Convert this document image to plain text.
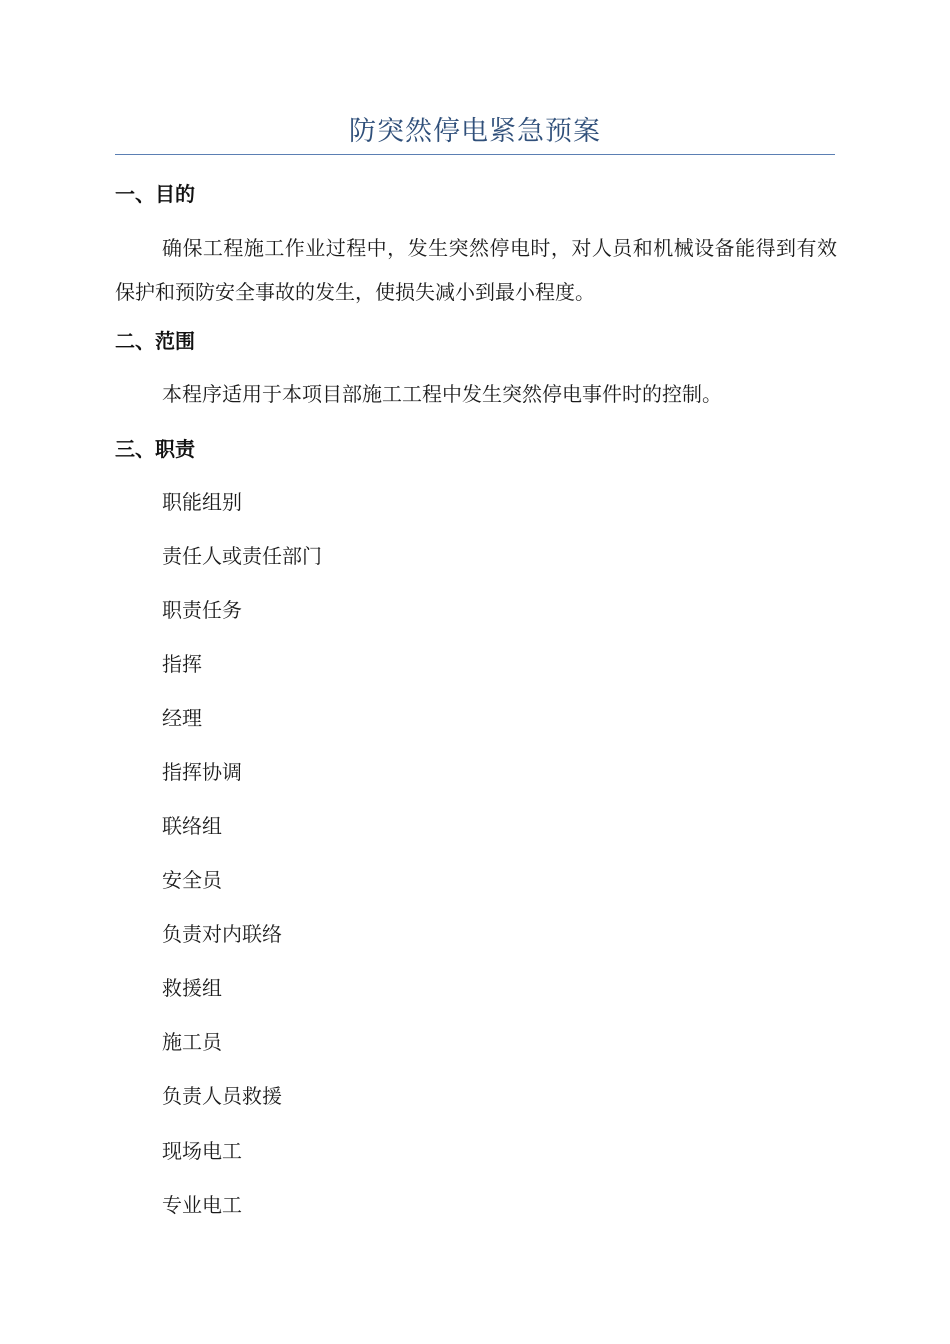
防突然停电紧急预案
一、目的
确保工程施工作业过程中，发生突然停电时，对人员和机械设备能得到有效保护和预防安全事故的发生，使损失减小到最小程度。
二、范围
本程序适用于本项目部施工工程中发生突然停电事件时的控制。
三、职责
职能组别
责任人或责任部门
职责任务
指挥
经理
指挥协调
联络组
安全员
负责对内联络
救援组
施工员
负责人员救援
现场电工
专业电工
